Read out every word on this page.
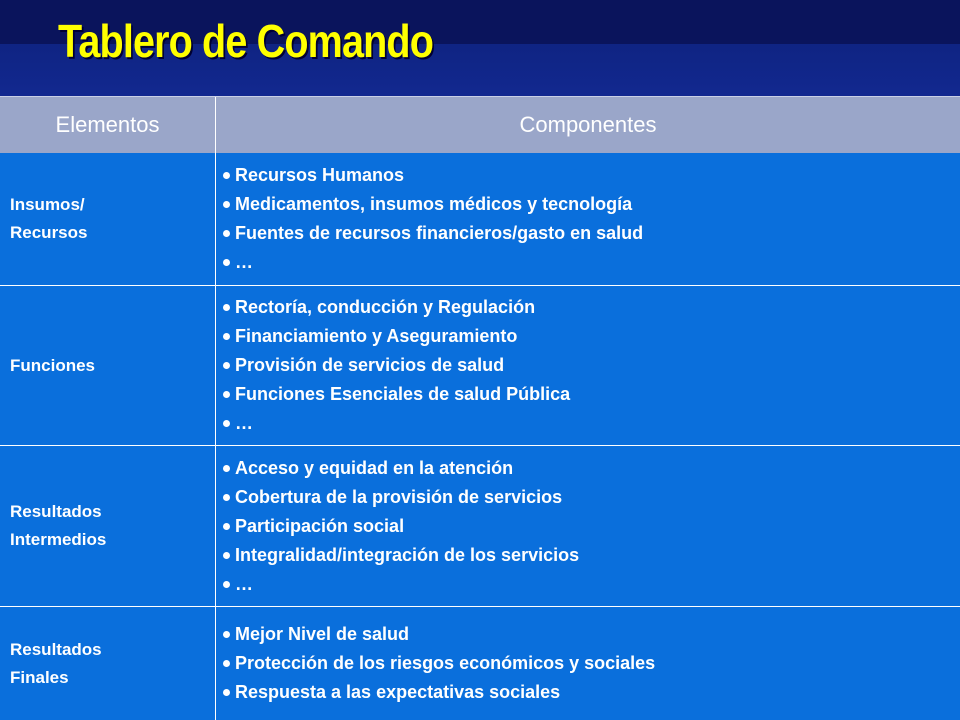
Tablero de Comando
Elementos	Componentes
Insumos/
Recursos
Recursos Humanos
Medicamentos, insumos médicos y tecnología
Fuentes de recursos financieros/gasto en salud
…
Funciones
Rectoría, conducción y Regulación
Financiamiento y Aseguramiento
Provisión de servicios de salud
Funciones Esenciales de salud Pública
…
Resultados
Intermedios
Acceso y equidad en la atención
Cobertura de la provisión de servicios
Participación social
Integralidad/integración de los servicios
…
Resultados
Finales
Mejor Nivel de salud
Protección de los riesgos económicos y sociales
Respuesta a las expectativas sociales
